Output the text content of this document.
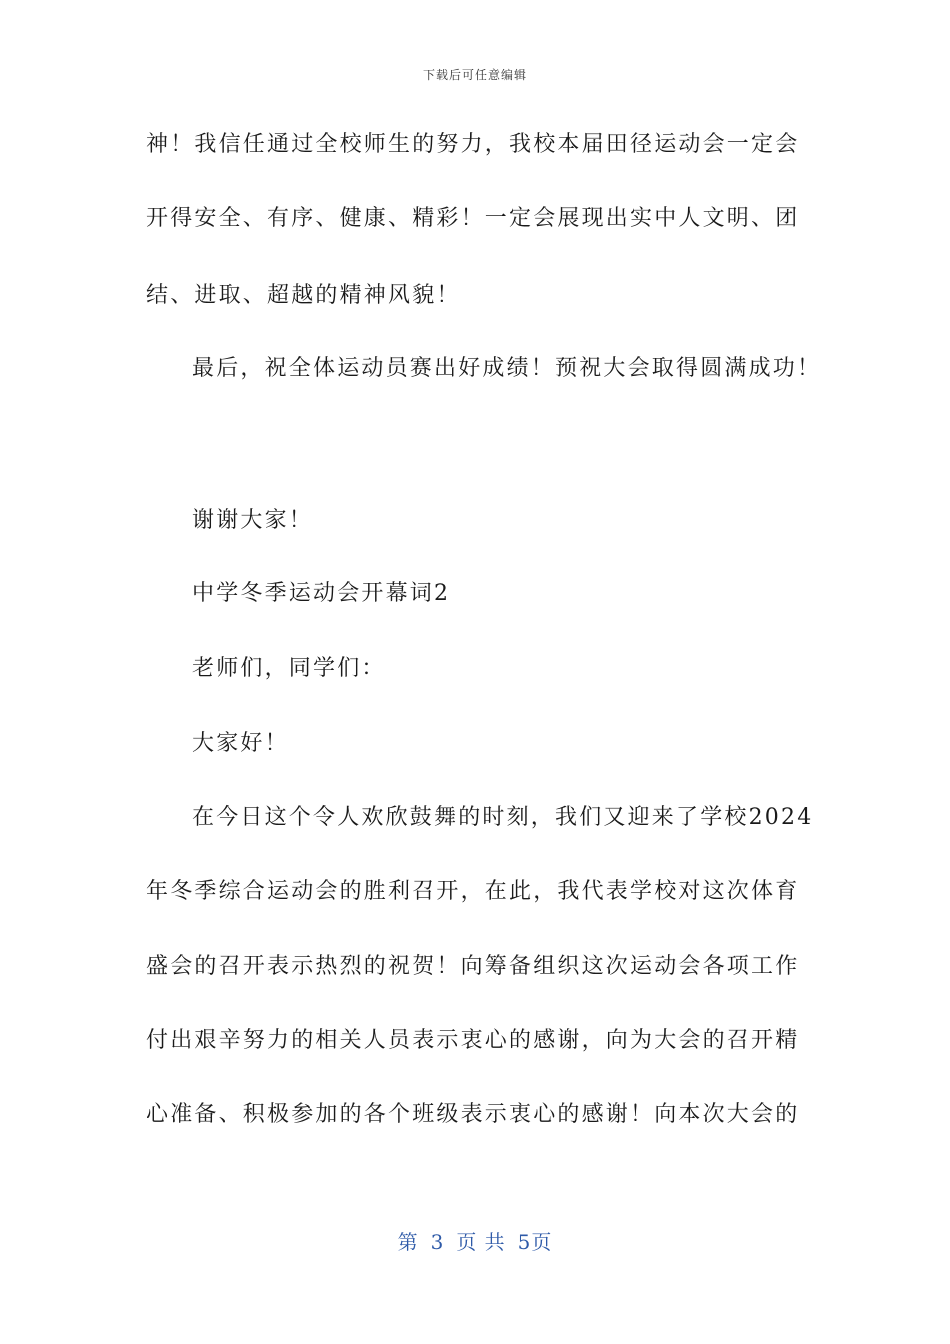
下载后可任意编辑
神！我信任通过全校师生的努力，我校本届田径运动会一定会
开得安全、有序、健康、精彩！一定会展现出实中人文明、团
结、进取、超越的精神风貌！
最后，祝全体运动员赛出好成绩！预祝大会取得圆满成功！
谢谢大家！
中学冬季运动会开幕词2
老师们，同学们：
大家好！
在今日这个令人欢欣鼓舞的时刻，我们又迎来了学校2024
年冬季综合运动会的胜利召开，在此，我代表学校对这次体育
盛会的召开表示热烈的祝贺！向筹备组织这次运动会各项工作
付出艰辛努力的相关人员表示衷心的感谢，向为大会的召开精
心准备、积极参加的各个班级表示衷心的感谢！向本次大会的
第 3 页 共 5页
